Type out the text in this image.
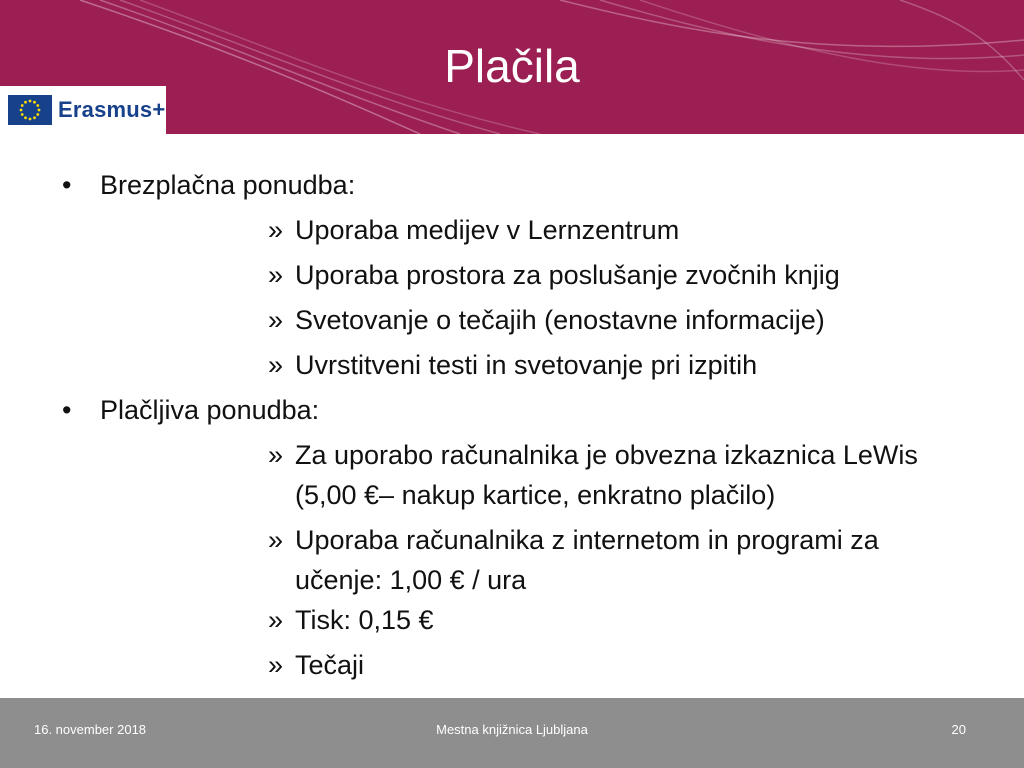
Plačila
Erasmus+
• Brezplačna ponudba:
» Uporaba medijev v Lernzentrum
» Uporaba prostora za poslušanje zvočnih knjig
» Svetovanje o tečajih (enostavne informacije)
» Uvrstitveni testi in svetovanje pri izpitih
• Plačljiva ponudba:
» Za uporabo računalnika je obvezna izkaznica LeWis (5,00 €– nakup kartice, enkratno plačilo)
» Uporaba računalnika z internetom in programi za učenje: 1,00 € / ura
» Tisk: 0,15 €
» Tečaji
16. november 2018	Mestna knjižnica Ljubljana	20
